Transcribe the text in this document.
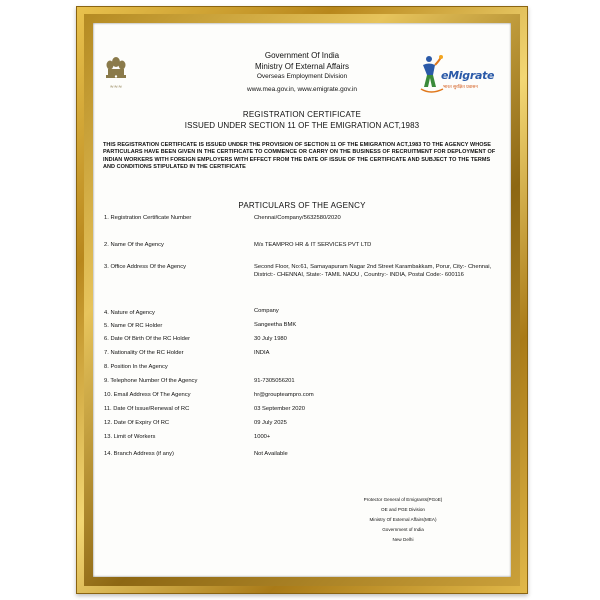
≈≈≈
eMigrate
भारत सुरक्षित प्रवासन
Government Of India
Ministry Of External Affairs
Overseas Employment Division
www.mea.gov.in, www.emigrate.gov.in
REGISTRATION CERTIFICATE
ISSUED UNDER SECTION 11 OF THE EMIGRATION ACT,1983
THIS REGISTRATION CERTIFICATE IS ISSUED UNDER THE PROVISION OF SECTION 11 OF THE EMIGRATION ACT,1983 TO THE AGENCY WHOSE PARTICULARS HAVE BEEN GIVEN IN THE CERTIFICATE TO COMMENCE OR CARRY ON THE BUSINESS OF RECRUITMENT FOR DEPLOYMENT OF INDIAN WORKERS WITH FOREIGN EMPLOYERS WITH EFFECT FROM THE DATE OF ISSUE OF THE CERTIFICATE AND SUBJECT TO THE TERMS AND CONDITIONS STIPULATED IN THE CERTIFICATE
PARTICULARS OF THE AGENCY
1. Registration Certificate Number	Chennai/Company/5632580/2020
2. Name Of the Agency	M/s TEAMPRO HR & IT SERVICES PVT LTD
3. Office Address Of the Agency	Second Floor, No:61, Samayapuram Nagar 2nd Street Karambakkam, Porur, City:- Chennai, District:- CHENNAI, State:- TAMIL NADU , Country:- INDIA, Postal Code:- 600116
4. Nature of Agency	Company
5. Name Of RC Holder	Sangeetha BMK
6. Date Of Birth Of the RC Holder	30 July 1980
7. Nationality Of the RC Holder	INDIA
8. Position In the Agency
9. Telephone Number Of the Agency	91-7305056201
10. Email Address Of The Agency	hr@groupteampro.com
11. Date Of Issue/Renewal of RC	03 September 2020
12. Date Of Expiry Of RC	09 July 2025
13. Limit of Workers	1000+
14. Branch Address (if any)	Not Available
Protector General of Emigrants(PGoE)
OE and PGE Division
Ministry Of External Affairs(MEA)
Government of India
New Delhi
